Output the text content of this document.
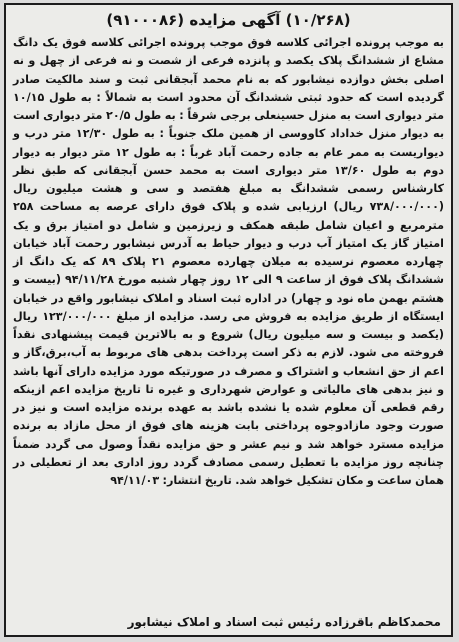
(۱۰/۲۶۸) آگهی مزایده (۹۱۰۰۰۸۶)

به موجب پرونده اجرائی کلاسه فوق موجب پرونده اجرائی کلاسه فوق یک دانگ مشاع از ششدانگ پلاک یکصد و پانزده فرعی از شصت و نه فرعی از چهل و نه اصلی بخش دوازده نیشابور که به نام محمد آبجقانی ثبت و سند مالکیت صادر گردیده است که حدود ثبتی ششدانگ آن محدود است به شمالاً : به طول ۱۰/۱۵ متر دیواری است به منزل حسینعلی برجی شرقاً : به طول ۲۰/۵ متر دیواری است به دیوار منزل خداداد کاووسی از همین ملک جنوباً : به طول ۱۲/۳۰ متر درب و دیواریست به ممر عام به جاده رحمت آباد غرباً : به طول ۱۲ متر دیوار به دیوار دوم به طول ۱۳/۶۰ متر دیواری است به محمد حسن آبجقانی که طبق نظر کارشناس رسمی ششدانگ به مبلغ هفتصد و سی و هشت میلیون ریال (۷۳۸/۰۰۰/۰۰۰ ریال) ارزیابی شده و پلاک فوق دارای عرصه به مساحت ۲۵۸ مترمربع و اعیان شامل طبقه همکف و زیرزمین و شامل دو امتیاز برق و یک امتیاز گاز یک امتیاز آب درب و دیوار حیاط به آدرس نیشابور رحمت آباد خیابان چهارده معصوم نرسیده به میلان چهارده معصوم ۲۱ پلاک ۸۹ که یک دانگ از ششدانگ پلاک فوق از ساعت ۹ الی ۱۲ روز چهار شنبه مورخ ۹۴/۱۱/۲۸ (بیست و هشتم بهمن ماه نود و چهار) در اداره ثبت اسناد و املاک نیشابور واقع در خیابان ایستگاه از طریق مزایده به فروش می رسد. مزایده از مبلغ ۱۲۳/۰۰۰/۰۰۰ ریال (یکصد و بیست و سه میلیون ریال) شروع و به بالاترین قیمت پیشنهادی نقداً فروخته می شود. لازم به ذکر است پرداخت بدهی های مربوط به آب،برق،گاز و اعم از حق انشعاب و اشتراک و مصرف در صورتیکه مورد مزایده دارای آنها باشد و نیز بدهی های مالیاتی و عوارض شهرداری و غیره تا تاریخ مزایده اعم ازینکه رقم قطعی آن معلوم شده یا نشده باشد به عهده برنده مزایده است و نیز در صورت وجود مازادوجوه پرداختی بابت هزینه های فوق از محل مازاد به برنده مزایده مسترد خواهد شد و نیم عشر و حق مزایده نقداً وصول می گردد ضمناً چنانچه روز مزایده با تعطیل رسمی مصادف گردد روز اداری بعد از تعطیلی در همان ساعت و مکان تشکیل خواهد شد. تاریخ انتشار: ۹۴/۱۱/۰۳

محمدکاظم باقرزاده رئیس ثبت اسناد و املاک نیشابور
